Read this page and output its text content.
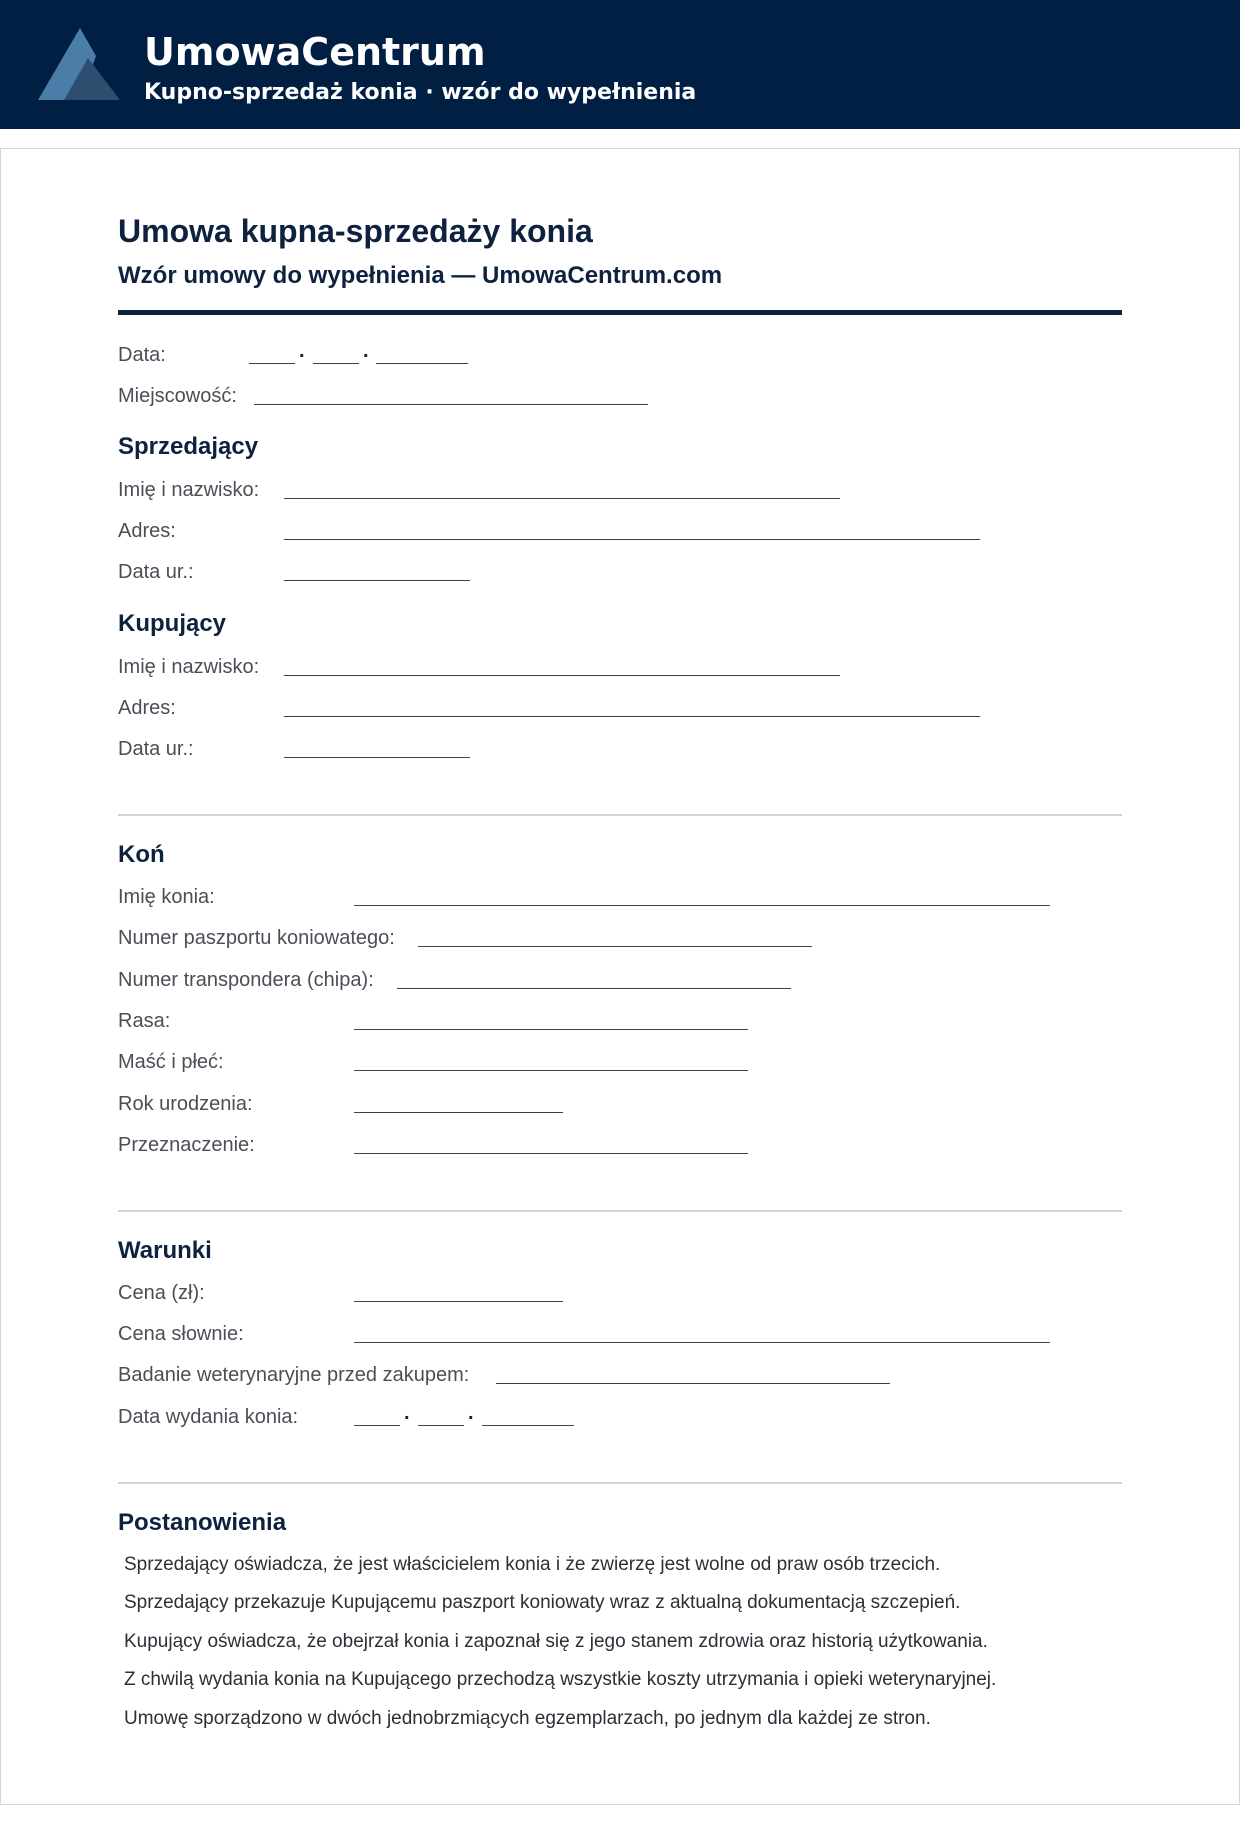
UmowaCentrum
Kupno-sprzedaż konia · wzór do wypełnienia
Umowa kupna-sprzedaży konia
Wzór umowy do wypełnienia — UmowaCentrum.com
Data:	.	.
Miejscowość:
Sprzedający
Imię i nazwisko:
Adres:
Data ur.:
Kupujący
Imię i nazwisko:
Adres:
Data ur.:
Koń
Imię konia:
Numer paszportu koniowatego:
Numer transpondera (chipa):
Rasa:
Maść i płeć:
Rok urodzenia:
Przeznaczenie:
Warunki
Cena (zł):
Cena słownie:
Badanie weterynaryjne przed zakupem:
Data wydania konia:	.	.
Postanowienia
Sprzedający oświadcza, że jest właścicielem konia i że zwierzę jest wolne od praw osób trzecich.
Sprzedający przekazuje Kupującemu paszport koniowaty wraz z aktualną dokumentacją szczepień.
Kupujący oświadcza, że obejrzał konia i zapoznał się z jego stanem zdrowia oraz historią użytkowania.
Z chwilą wydania konia na Kupującego przechodzą wszystkie koszty utrzymania i opieki weterynaryjnej.
Umowę sporządzono w dwóch jednobrzmiących egzemplarzach, po jednym dla każdej ze stron.
